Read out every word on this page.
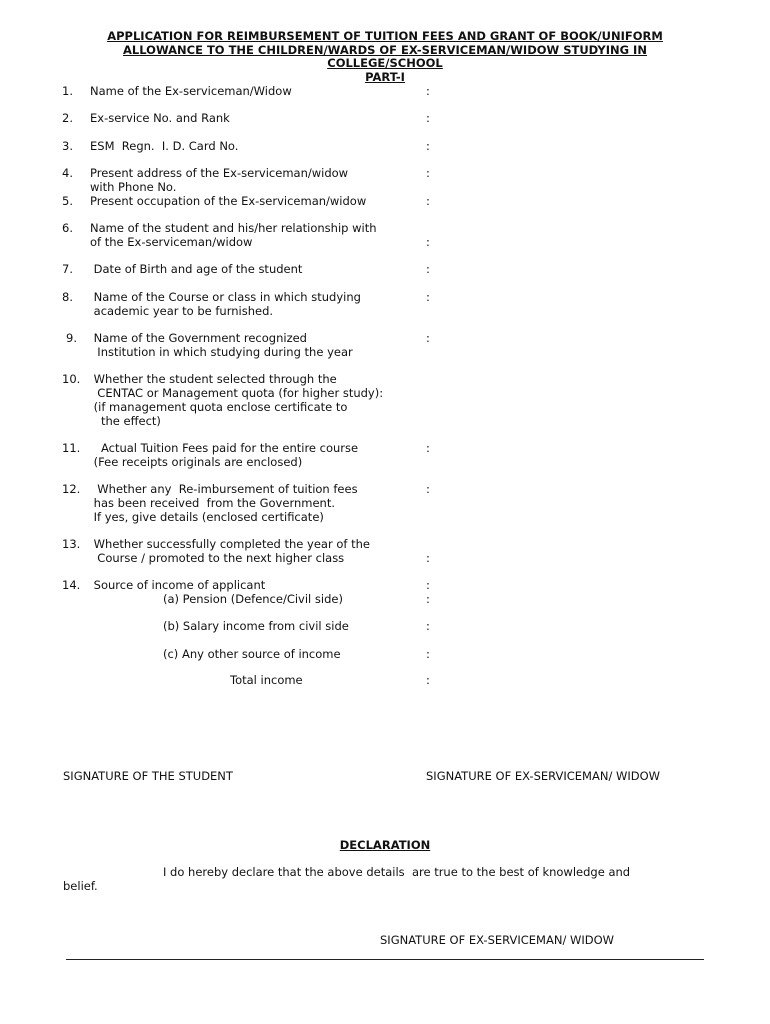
APPLICATION FOR REIMBURSEMENT OF TUITION FEES AND GRANT OF BOOK/UNIFORM
ALLOWANCE TO THE CHILDREN/WARDS OF EX-SERVICEMAN/WIDOW STUDYING IN
COLLEGE/SCHOOL
PART-I
1. Name of the Ex-serviceman/Widow	:
2. Ex-service No. and Rank	:
3. ESM  Regn.  I. D. Card No.	:
4. Present address of the Ex-serviceman/widow	:
with Phone No.
5. Present occupation of the Ex-serviceman/widow	:
6. Name of the student and his/her relationship with
of the Ex-serviceman/widow	:
7. Date of Birth and age of the student	:
8. Name of the Course or class in which studying	:
academic year to be furnished.
9. Name of the Government recognized	:
Institution in which studying during the year
10. Whether the student selected through the
CENTAC or Management quota (for higher study):
(if management quota enclose certificate to
the effect)
11. Actual Tuition Fees paid for the entire course	:
(Fee receipts originals are enclosed)
12. Whether any  Re-imbursement of tuition fees	:
has been received  from the Government.
If yes, give details (enclosed certificate)
13. Whether successfully completed the year of the
Course / promoted to the next higher class	:
14. Source of income of applicant	:
(a) Pension (Defence/Civil side)	:
(b) Salary income from civil side	:
(c) Any other source of income	:
Total income	:
SIGNATURE OF THE STUDENT	SIGNATURE OF EX-SERVICEMAN/ WIDOW
DECLARATION
I do hereby declare that the above details  are true to the best of knowledge and
belief.
SIGNATURE OF EX-SERVICEMAN/ WIDOW
